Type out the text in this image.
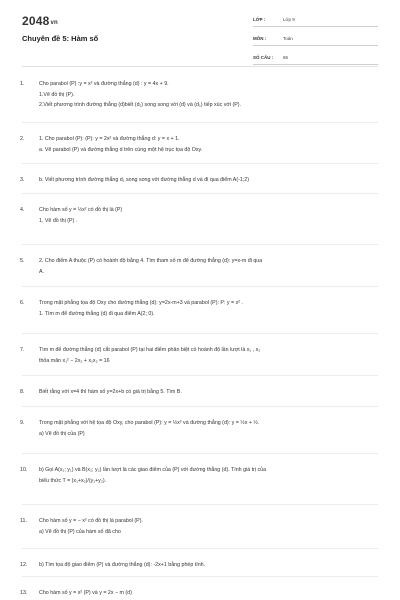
2048vn
Chuyên đề 5: Hàm số
LỚP :	Lớp 9
MÔN :	Toán
SỐ CÂU :	86
1.	Cho parabol (P) :y = x² và đường thẳng (d) : y = 4x + 9.
1.Vẽ đồ thị (P).
2.Viết phương trình đường thẳng (d)biết (d₁) song song với (d) và (d₁) tiếp xúc với (P).
2.	1. Cho parabol (P): (P): y = 2x² và đường thẳng d: y = x + 1.
a. Vẽ parabol (P) và đường thẳng d trên cùng một hệ trục tọa độ Oxy.
3.	b. Viết phương trình đường thẳng d₁ song song với đường thẳng d và đi qua điểm A(-1;2)
4.	Cho hàm số y = ½x² có đồ thị là (P)
1. Vẽ đồ thị (P) .
5.	2. Cho điểm A thuộc (P) có hoành độ bằng 4. Tìm tham số m để đường thẳng (d): y=x-m đi qua
A.
6.	Trong mặt phẳng tọa độ Oxy cho đường thẳng (d): y=2x-m+3 và parabol (P): P: y = x² .
1. Tìm m để đường thẳng (d) đi qua điểm A(2; 0).
7.	Tìm m để đường thẳng (d) cắt parabol (P) tại hai điểm phân biệt có hoành độ lần lượt là x₁ , x₂
thỏa mãn x₁² − 2x₂ + x₁x₂ = 16
8.	Biết rằng với x=4 thì hàm số y=2x+b có giá trị bằng 5. Tìm B.
9.	Trong mặt phẳng với hệ tọa độ Oxy, cho parabol (P): y = ½x² và đường thẳng (d): y = ½x + ½.
a) Vẽ đồ thị của (P)
10.	b) Gọi A(x₁; y₁) và B(x₂; y₂) lần lượt là các giao điểm của (P) với đường thẳng (d). Tính giá trị của
biểu thức T = (x₁+x₂)/(y₁+y₂).
11.	Cho hàm số y = − x² có đồ thị là parabol (P).
a) Vẽ đồ thị (P) của hàm số đã cho
12.	b) Tìm tọa độ giao điểm (P) và đường thẳng (d): -2x+1 bằng phép tính.
13.	Cho hàm số y = x² (P) và y = 2x − m (d)
